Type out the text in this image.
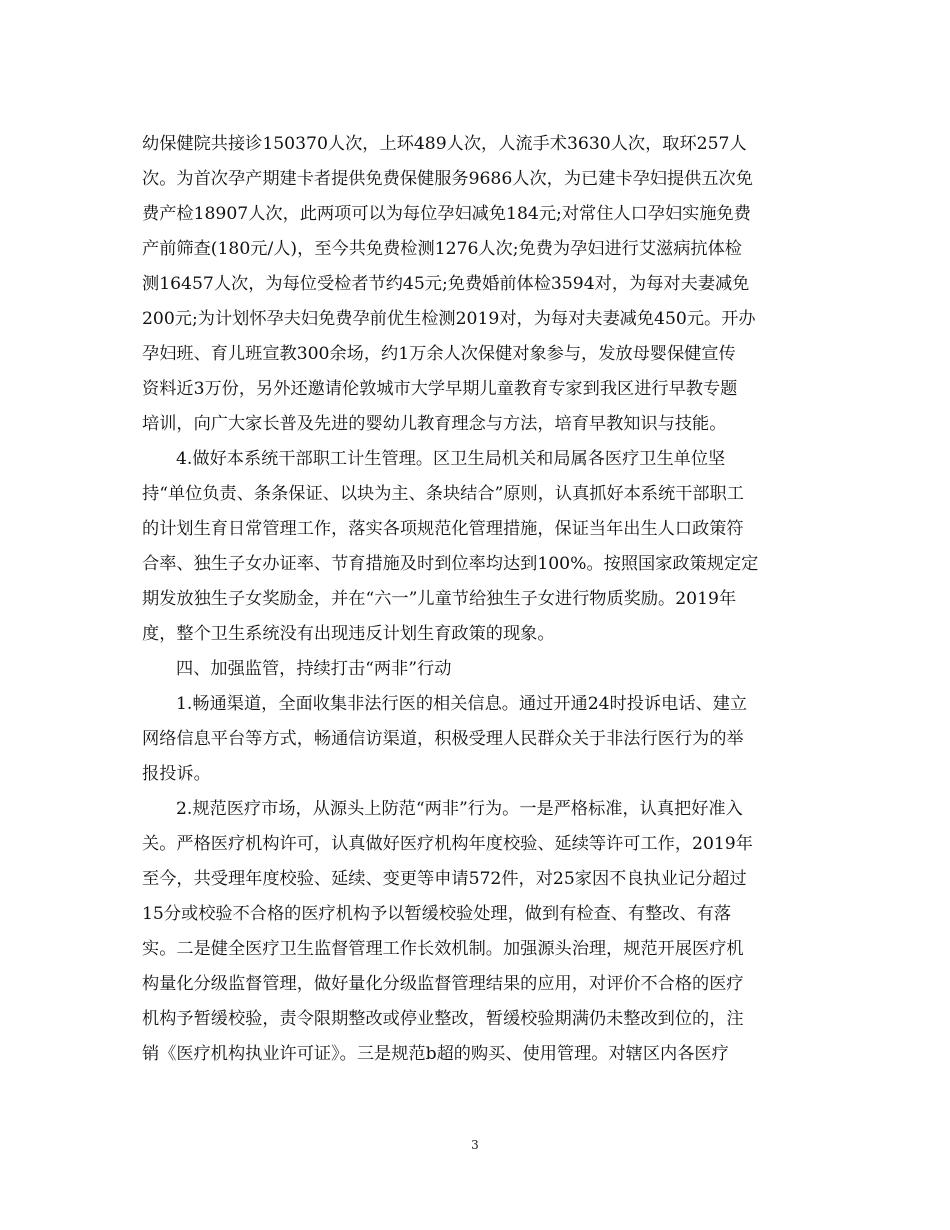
幼保健院共接诊150370人次，上环489人次，人流手术3630人次，取环257人
次。为首次孕产期建卡者提供免费保健服务9686人次，为已建卡孕妇提供五次免
费产检18907人次，此两项可以为每位孕妇减免184元;对常住人口孕妇实施免费
产前筛查(180元/人)，至今共免费检测1276人次;免费为孕妇进行艾滋病抗体检
测16457人次，为每位受检者节约45元;免费婚前体检3594对，为每对夫妻减免
200元;为计划怀孕夫妇免费孕前优生检测2019对，为每对夫妻减免450元。开办
孕妇班、育儿班宣教300余场，约1万余人次保健对象参与，发放母婴保健宣传
资料近3万份，另外还邀请伦敦城市大学早期儿童教育专家到我区进行早教专题
培训，向广大家长普及先进的婴幼儿教育理念与方法，培育早教知识与技能。
4.做好本系统干部职工计生管理。区卫生局机关和局属各医疗卫生单位坚
持“单位负责、条条保证、以块为主、条块结合”原则，认真抓好本系统干部职工
的计划生育日常管理工作，落实各项规范化管理措施，保证当年出生人口政策符
合率、独生子女办证率、节育措施及时到位率均达到100%。按照国家政策规定定
期发放独生子女奖励金，并在“六一”儿童节给独生子女进行物质奖励。2019年
度，整个卫生系统没有出现违反计划生育政策的现象。
四、加强监管，持续打击“两非”行动
1.畅通渠道，全面收集非法行医的相关信息。通过开通24时投诉电话、建立
网络信息平台等方式，畅通信访渠道，积极受理人民群众关于非法行医行为的举
报投诉。
2.规范医疗市场，从源头上防范“两非”行为。一是严格标准，认真把好准入
关。严格医疗机构许可，认真做好医疗机构年度校验、延续等许可工作，2019年
至今，共受理年度校验、延续、变更等申请572件，对25家因不良执业记分超过
15分或校验不合格的医疗机构予以暂缓校验处理，做到有检查、有整改、有落
实。二是健全医疗卫生监督管理工作长效机制。加强源头治理，规范开展医疗机
构量化分级监督管理，做好量化分级监督管理结果的应用，对评价不合格的医疗
机构予暂缓校验，责令限期整改或停业整改，暂缓校验期满仍未整改到位的，注
销《医疗机构执业许可证》。三是规范b超的购买、使用管理。对辖区内各医疗
3
